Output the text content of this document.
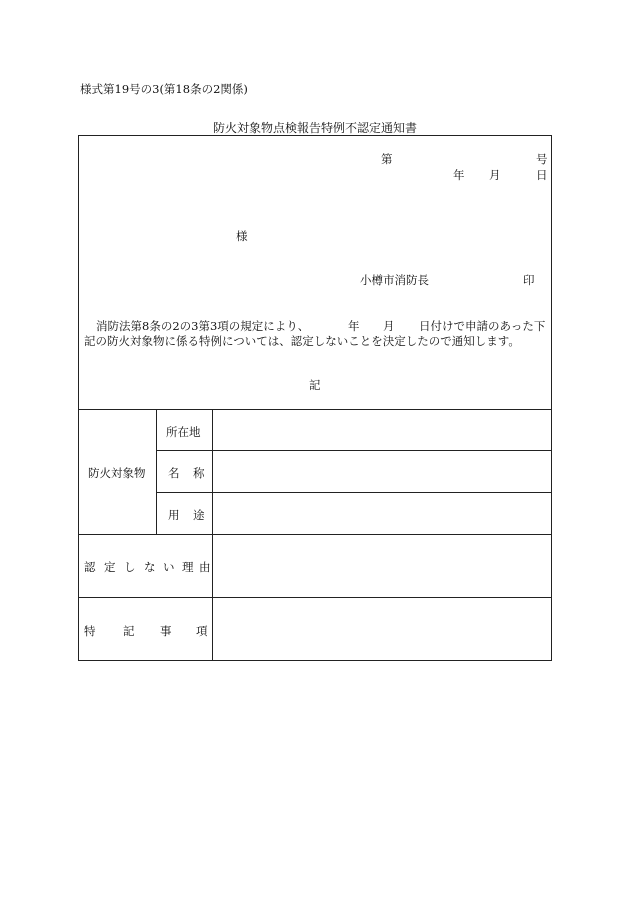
様式第19号の3(第18条の2関係)
防火対象物点検報告特例不認定通知書
第	号
年 月	日
様
小樽市消防長	印
消防法第8条の2の3第3項の規定により、	年 月 日付けで申請のあった下
記の防火対象物に係る特例については、認定しないことを決定したので通知します。
記
防火対象物
所在地
名 称
用 途
認 定 し な い 理 由
特 記 事 項
